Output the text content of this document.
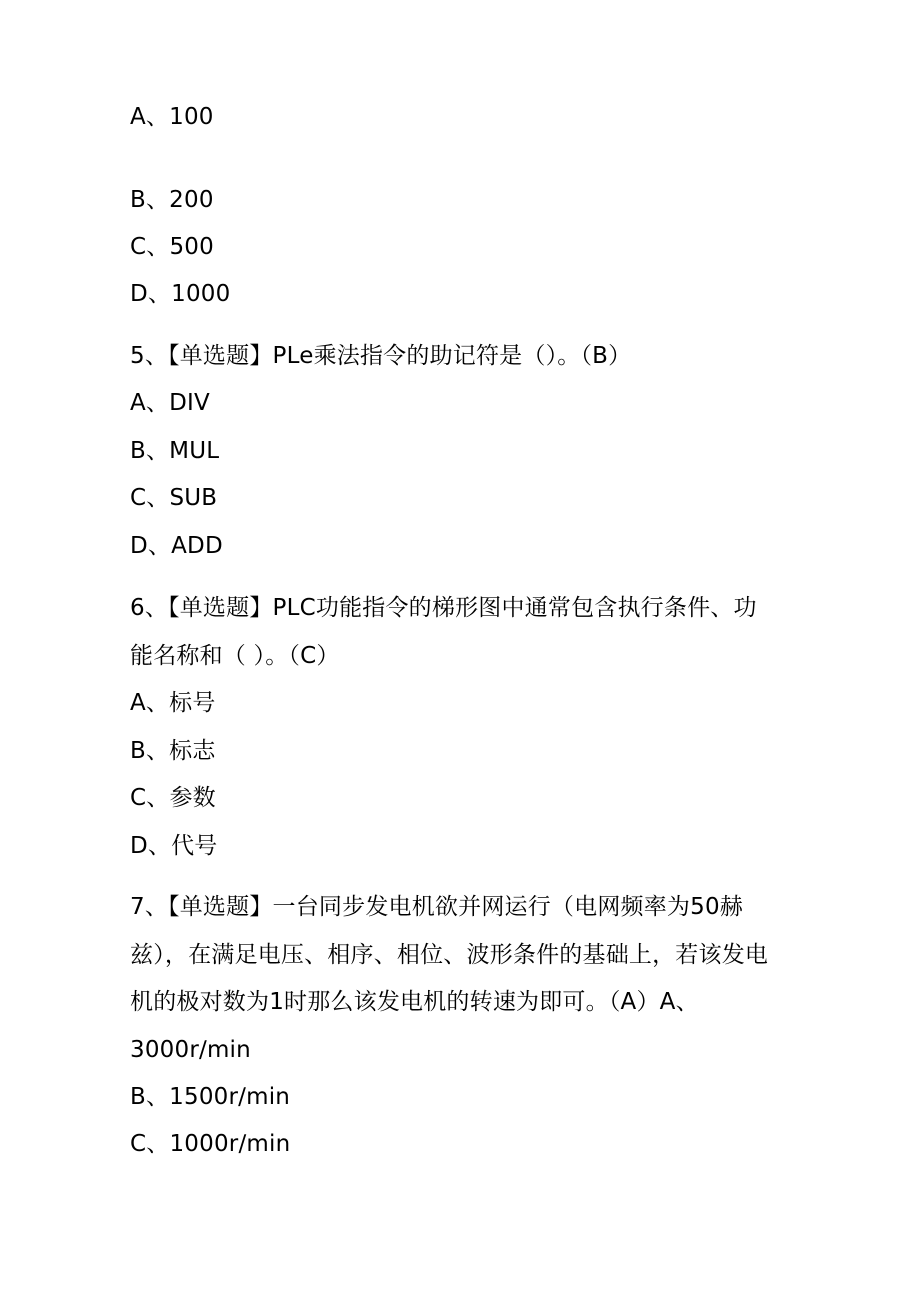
A、100
B、200
C、500
D、1000
5、【单选题】PLe乘法指令的助记符是（）。（B）
A、DIV
B、MUL
C、SUB
D、ADD
6、【单选题】PLC功能指令的梯形图中通常包含执行条件、功
能名称和（ ）。（C）
A、标号
B、标志
C、参数
D、代号
7、【单选题】一台同步发电机欲并网运行（电网频率为50赫
兹），在满足电压、相序、相位、波形条件的基础上，若该发电
机的极对数为1时那么该发电机的转速为即可。（A）A、
3000r∕min
B、1500r∕min
C、1000r∕min
